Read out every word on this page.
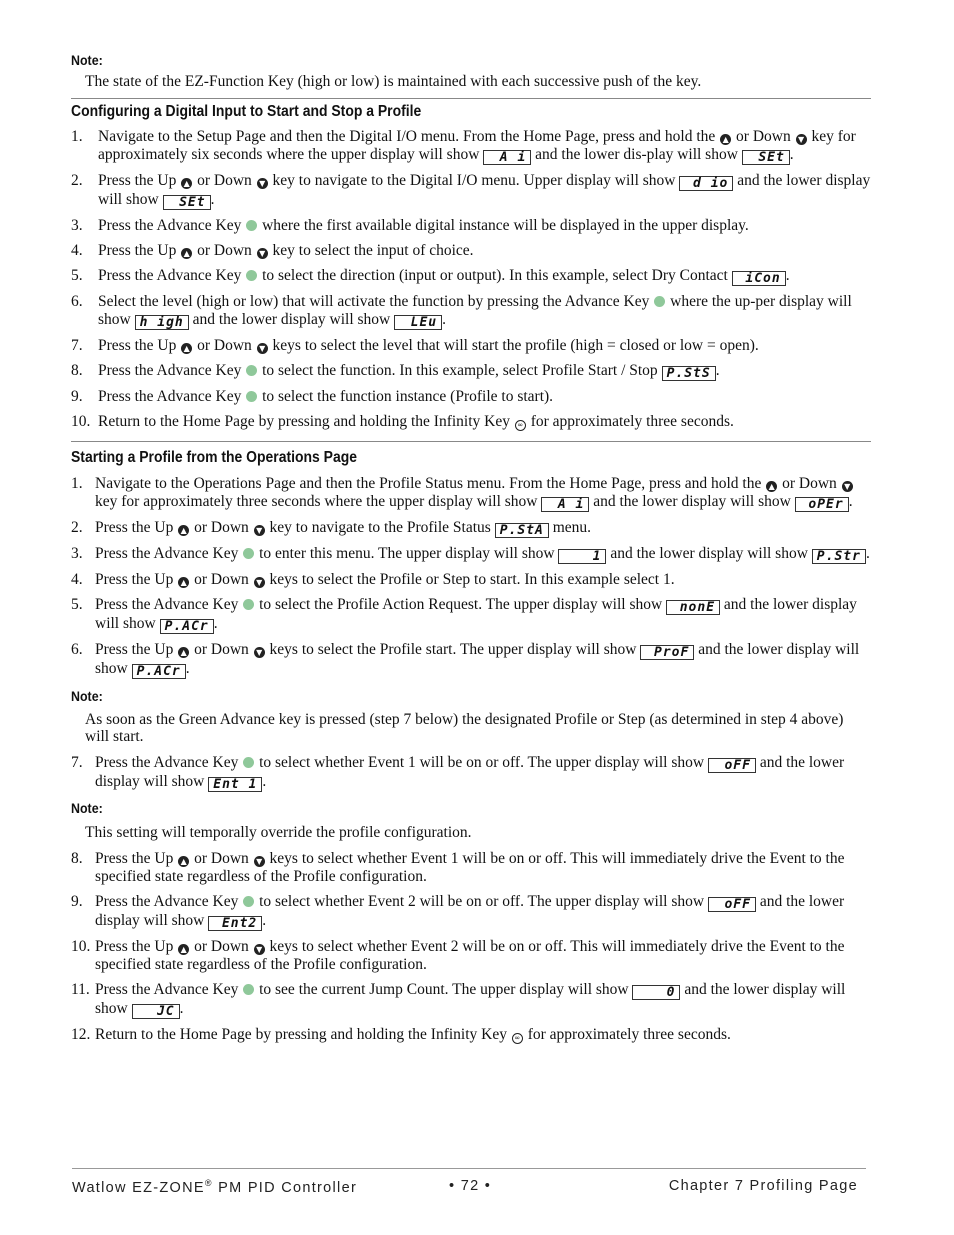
Note:

The state of the EZ-Function Key (high or low) is maintained with each successive push of the key.

Configuring a Digital Input to Start and Stop a Profile

1. Navigate to the Setup Page and then the Digital I/O menu. From the Home Page, press and hold the ▲ or Down ▼ key for approximately six seconds where the upper display will show A i and the lower dis-play will show SEt .
2. Press the Up ▲ or Down ▼ key to navigate to the Digital I/O menu. Upper display will show d io and the lower display will show SEt .
3. Press the Advance Key  where the first available digital instance will be displayed in the upper display.
4. Press the Up ▲ or Down ▼ key to select the input of choice.
5. Press the Advance Key  to select the direction (input or output). In this example, select Dry Contact iCon .
6. Select the level (high or low) that will activate the function by pressing the Advance Key  where the up-per display will show h igh and the lower display will show LEu .
7. Press the Up ▲ or Down ▼ keys to select the level that will start the profile (high = closed or low = open).
8. Press the Advance Key  to select the function. In this example, select Profile Start / Stop P.StS .
9. Press the Advance Key  to select the function instance (Profile to start).
10. Return to the Home Page by pressing and holding the Infinity Key ∞ for approximately three seconds.

Starting a Profile from the Operations Page

1. Navigate to the Operations Page and then the Profile Status menu. From the Home Page, press and hold the ▲ or Down ▼ key for approximately three seconds where the upper display will show A i and the lower display will show oPEr .
2. Press the Up ▲ or Down ▼ key to navigate to the Profile Status P.StA menu.
3. Press the Advance Key  to enter this menu. The upper display will show	1 and the lower display will show P.Str .
4. Press the Up ▲ or Down ▼ keys to select the Profile or Step to start. In this example select 1.
5. Press the Advance Key  to select the Profile Action Request. The upper display will show nonE and the lower display will show P.ACr .
6. Press the Up ▲ or Down ▼ keys to select the Profile start. The upper display will show ProF and the lower display will show P.ACr .

Note:

As soon as the Green Advance key is pressed (step 7 below) the designated Profile or Step (as determined in step 4 above) will start.

7. Press the Advance Key  to select whether Event 1 will be on or off. The upper display will show oFF and the lower display will show Ent 1 .

Note:

This setting will temporally override the profile configuration.

8. Press the Up ▲ or Down ▼ keys to select whether Event 1 will be on or off. This will immediately drive the Event to the specified state regardless of the Profile configuration.
9. Press the Advance Key  to select whether Event 2 will be on or off. The upper display will show oFF and the lower display will show Ent2 .
10. Press the Up ▲ or Down ▼ keys to select whether Event 2 will be on or off. This will immediately drive the Event to the specified state regardless of the Profile configuration.
11. Press the Advance Key  to see the current Jump Count. The upper display will show	0 and the lower display will show JC .
12. Return to the Home Page by pressing and holding the Infinity Key ∞ for approximately three seconds.
Watlow EZ-ZONE® PM PID Controller	• 72 •	Chapter 7 Profiling Page
